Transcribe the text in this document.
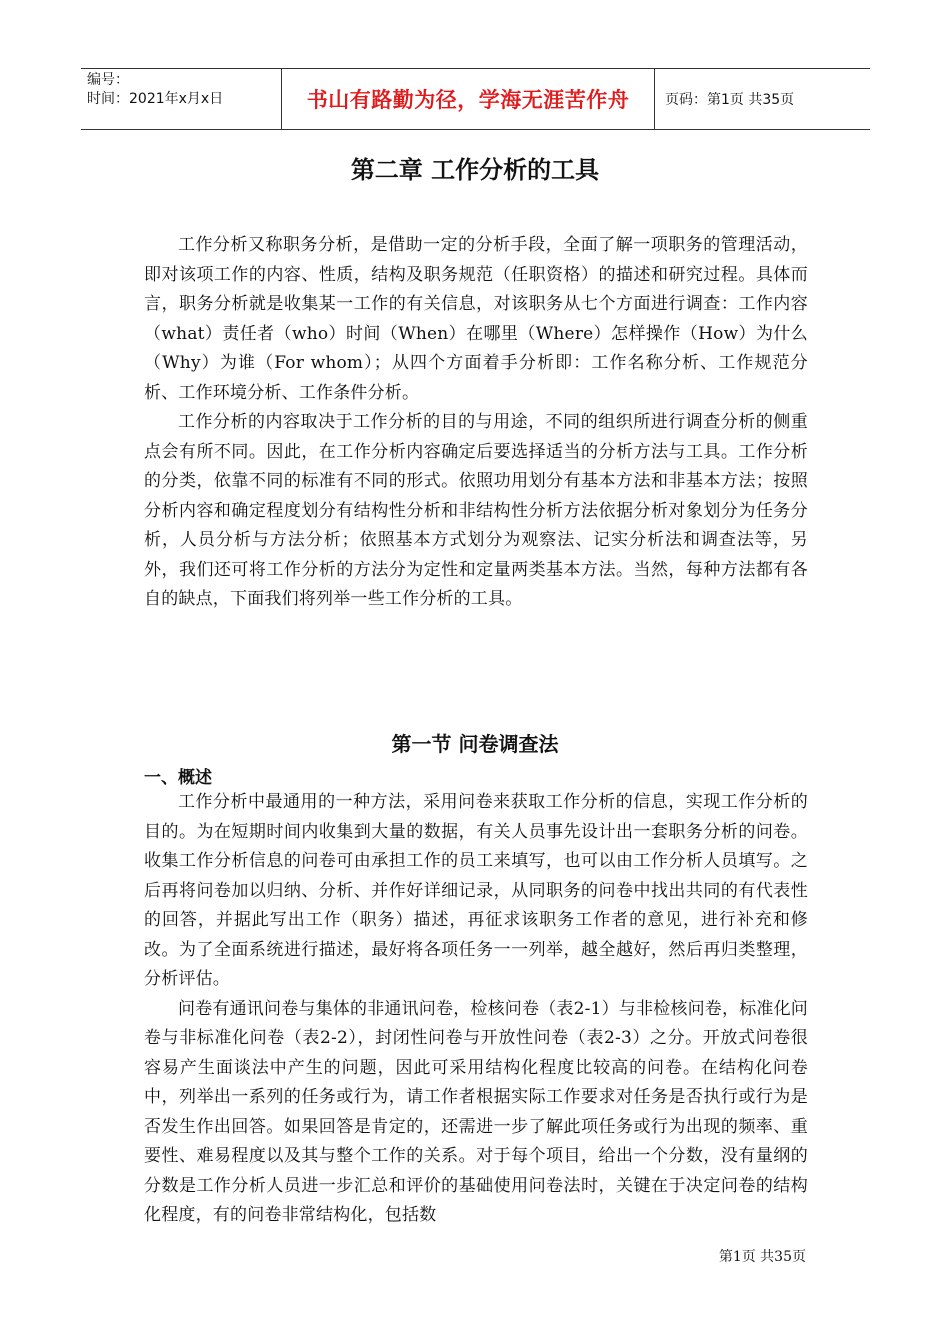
编号：
时间：2021年x月x日	书山有路勤为径，学海无涯苦作舟	页码：第1页 共35页
第二章 工作分析的工具

工作分析又称职务分析，是借助一定的分析手段，全面了解一项职务的管理活动，即对该项工作的内容、性质，结构及职务规范（任职资格）的描述和研究过程。具体而言，职务分析就是收集某一工作的有关信息，对该职务从七个方面进行调查：工作内容（what）责任者（who）时间（When）在哪里（Where）怎样操作（How）为什么（Why）为谁（For whom）；从四个方面着手分析即：工作名称分析、工作规范分析、工作环境分析、工作条件分析。

工作分析的内容取决于工作分析的目的与用途，不同的组织所进行调查分析的侧重点会有所不同。因此，在工作分析内容确定后要选择适当的分析方法与工具。工作分析的分类，依靠不同的标准有不同的形式。依照功用划分有基本方法和非基本方法；按照分析内容和确定程度划分有结构性分析和非结构性分析方法依据分析对象划分为任务分析，人员分析与方法分析；依照基本方式划分为观察法、记实分析法和调查法等，另外，我们还可将工作分析的方法分为定性和定量两类基本方法。当然，每种方法都有各自的缺点，下面我们将列举一些工作分析的工具。

第一节 问卷调查法
一、概述

工作分析中最通用的一种方法，采用问卷来获取工作分析的信息，实现工作分析的目的。为在短期时间内收集到大量的数据，有关人员事先设计出一套职务分析的问卷。收集工作分析信息的问卷可由承担工作的员工来填写，也可以由工作分析人员填写。之后再将问卷加以归纳、分析、并作好详细记录，从同职务的问卷中找出共同的有代表性的回答，并据此写出工作（职务）描述，再征求该职务工作者的意见，进行补充和修改。为了全面系统进行描述，最好将各项任务一一列举，越全越好，然后再归类整理，分析评估。

问卷有通讯问卷与集体的非通讯问卷，检核问卷（表2-1）与非检核问卷，标准化问卷与非标准化问卷（表2-2），封闭性问卷与开放性问卷（表2-3）之分。开放式问卷很容易产生面谈法中产生的问题，因此可采用结构化程度比较高的问卷。在结构化问卷中，列举出一系列的任务或行为，请工作者根据实际工作要求对任务是否执行或行为是否发生作出回答。如果回答是肯定的，还需进一步了解此项任务或行为出现的频率、重要性、难易程度以及其与整个工作的关系。对于每个项目，给出一个分数，没有量纲的分数是工作分析人员进一步汇总和评价的基础使用问卷法时，关键在于决定问卷的结构化程度，有的问卷非常结构化，包括数

第1页 共35页
